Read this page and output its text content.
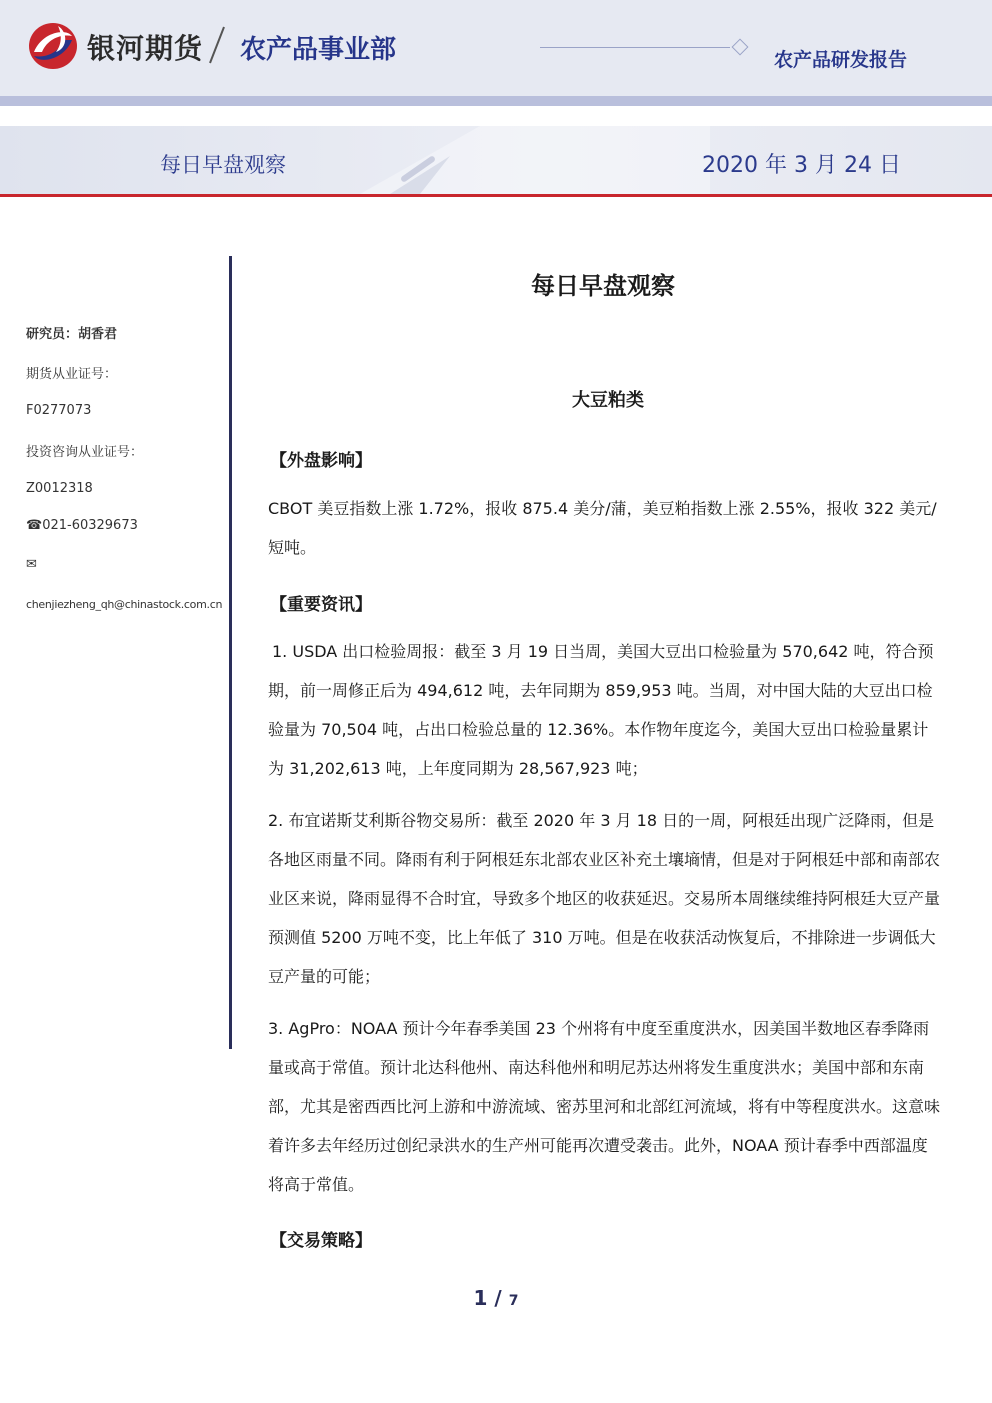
银河期货 农产品事业部	农产品研发报告
每日早盘观察	2020 年 3 月 24 日
研究员：胡香君
期货从业证号：
F0277073
投资咨询从业证号：
Z0012318
☎021-60329673
✉
chenjiezheng_qh@chinastock.com.cn
每日早盘观察
大豆粕类
【外盘影响】
CBOT 美豆指数上涨 1.72%，报收 875.4 美分/蒲，美豆粕指数上涨 2.55%，报收 322 美元/短吨。
【重要资讯】
1. USDA 出口检验周报：截至 3 月 19 日当周，美国大豆出口检验量为 570,642 吨，符合预期，前一周修正后为 494,612 吨，去年同期为 859,953 吨。当周，对中国大陆的大豆出口检验量为 70,504 吨，占出口检验总量的 12.36%。本作物年度迄今，美国大豆出口检验量累计为 31,202,613 吨，上年度同期为 28,567,923 吨；
2. 布宜诺斯艾利斯谷物交易所：截至 2020 年 3 月 18 日的一周，阿根廷出现广泛降雨，但是各地区雨量不同。降雨有利于阿根廷东北部农业区补充土壤墒情，但是对于阿根廷中部和南部农业区来说，降雨显得不合时宜，导致多个地区的收获延迟。交易所本周继续维持阿根廷大豆产量预测值 5200 万吨不变，比上年低了 310 万吨。但是在收获活动恢复后，不排除进一步调低大豆产量的可能；
3. AgPro：NOAA 预计今年春季美国 23 个州将有中度至重度洪水，因美国半数地区春季降雨量或高于常值。预计北达科他州、南达科他州和明尼苏达州将发生重度洪水；美国中部和东南部，尤其是密西西比河上游和中游流域、密苏里河和北部红河流域，将有中等程度洪水。这意味着许多去年经历过创纪录洪水的生产州可能再次遭受袭击。此外，NOAA 预计春季中西部温度将高于常值。
【交易策略】
1 / 7
